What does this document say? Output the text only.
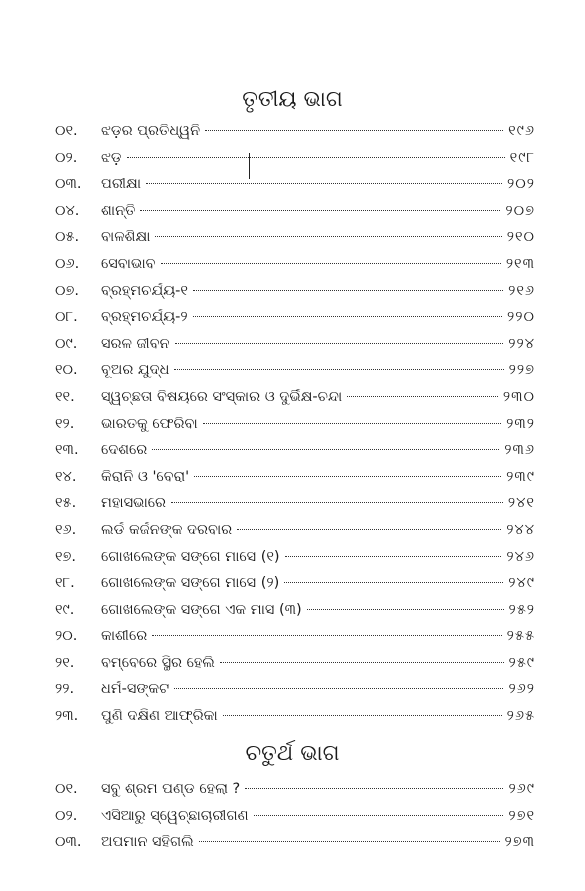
ତୃତୀୟ ଭାଗ
୦୧.	ଝଡ଼ର ପ୍ରତିଧ୍ୱନି	୧୯୬
୦୨.	ଝଡ଼	୧୯୮
୦୩.	ପରୀକ୍ଷା	୨୦୨
୦୪.	ଶାନ୍ତି	୨୦୭
୦୫.	ବାଳଶିକ୍ଷା	୨୧୦
୦୬.	ସେବାଭାବ	୨୧୩
୦୭.	ବ୍ରହ୍ମଚର୍ଯ୍ୟ-୧	୨୧୬
୦୮.	ବ୍ରହ୍ମଚର୍ଯ୍ୟ-୨	୨୨୦
୦୯.	ସରଳ ଜୀବନ	୨୨୪
୧୦.	ବୂଅର ଯୁଦ୍ଧ	୨୨୭
୧୧.	ସ୍ୱଚ୍ଛତା ବିଷୟରେ ସଂସ୍କାର ଓ ଦୁର୍ଭିକ୍ଷ-ଚନ୍ଦା	୨୩୦
୧୨.	ଭାରତକୁ ଫେରିବା	୨୩୨
୧୩.	ଦେଶରେ	୨୩୬
୧୪.	କିରାନି ଓ 'ବେରା'	୨୩୯
୧୫.	ମହାସଭାରେ	୨୪୧
୧୬.	ଲର୍ଡ କର୍ଜନଙ୍କ ଦରବାର	୨୪୪
୧୭.	ଗୋଖଲେଙ୍କ ସଙ୍ଗେ ମାସେ (୧)	୨୪୬
୧୮.	ଗୋଖଲେଙ୍କ ସଙ୍ଗେ ମାସେ (୨)	୨୪୯
୧୯.	ଗୋଖଲେଙ୍କ ସଙ୍ଗେ ଏକ ମାସ (୩)	୨୫୨
୨୦.	କାଶୀରେ	୨୫୫
୨୧.	ବମ୍ବେରେ ସ୍ଥିର ହେଲି	୨୫୯
୨୨.	ଧର୍ମ-ସଙ୍କଟ	୨୬୨
୨୩.	ପୁଣି ଦକ୍ଷିଣ ଆଫ୍ରିକା	୨୬୫
ଚତୁର୍ଥ ଭାଗ
୦୧.	ସବୁ ଶ୍ରମ ପଣ୍ଡ ହେଲା ?	୨୬୯
୦୨.	ଏସିଆରୁ ସ୍ୱେଚ୍ଛାଚାରୀଗଣ	୨୭୧
୦୩.	ଅପମାନ ସହିଗଲି	୨୭୩
